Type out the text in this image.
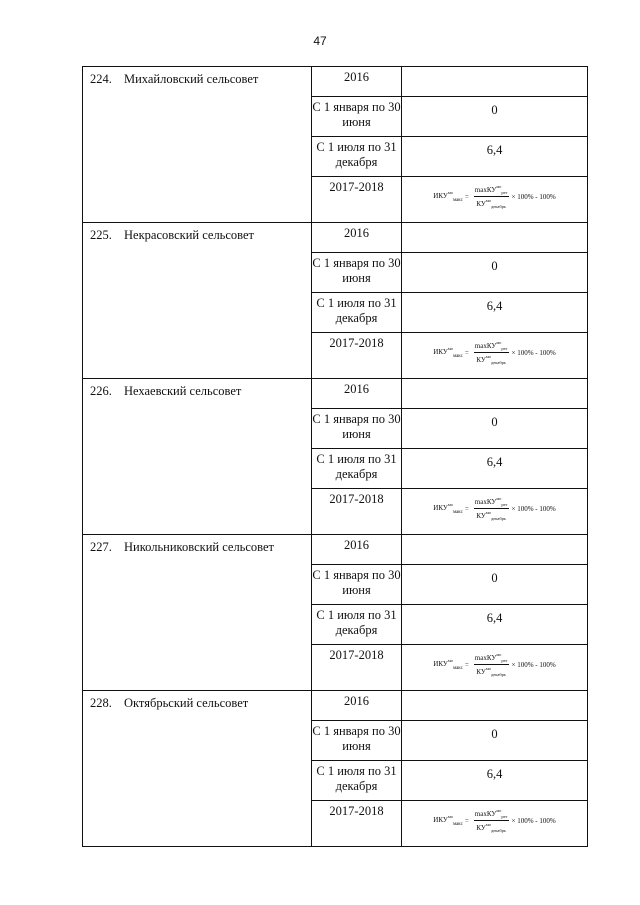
47
224. Михайловский сельсовет	2016	
	С 1 января по 30 июня	0
	С 1 июля по 31 декабря	6,4
	2017-2018	$ИКУ^{мо}_{макс} = \frac{\max КУ^{мо}_{рег}}{КУ^{мо}_{декабрь}} \times 100\% - 100\%$

225. Некрасовский сельсовет	2016	
	С 1 января по 30 июня	0
	С 1 июля по 31 декабря	6,4
	2017-2018	$ИКУ^{мо}_{макс} = \frac{\max КУ^{мо}_{рег}}{КУ^{мо}_{декабрь}} \times 100\% - 100\%$

226. Нехаевский сельсовет	2016	
	С 1 января по 30 июня	0
	С 1 июля по 31 декабря	6,4
	2017-2018	$ИКУ^{мо}_{макс} = \frac{\max КУ^{мо}_{рег}}{КУ^{мо}_{декабрь}} \times 100\% - 100\%$

227. Никольниковский сельсовет	2016	
	С 1 января по 30 июня	0
	С 1 июля по 31 декабря	6,4
	2017-2018	$ИКУ^{мо}_{макс} = \frac{\max КУ^{мо}_{рег}}{КУ^{мо}_{декабрь}} \times 100\% - 100\%$

228. Октябрьский сельсовет	2016	
	С 1 января по 30 июня	0
	С 1 июля по 31 декабря	6,4
	2017-2018	$ИКУ^{мо}_{макс} = \frac{\max КУ^{мо}_{рег}}{КУ^{мо}_{декабрь}} \times 100\% - 100\%$
